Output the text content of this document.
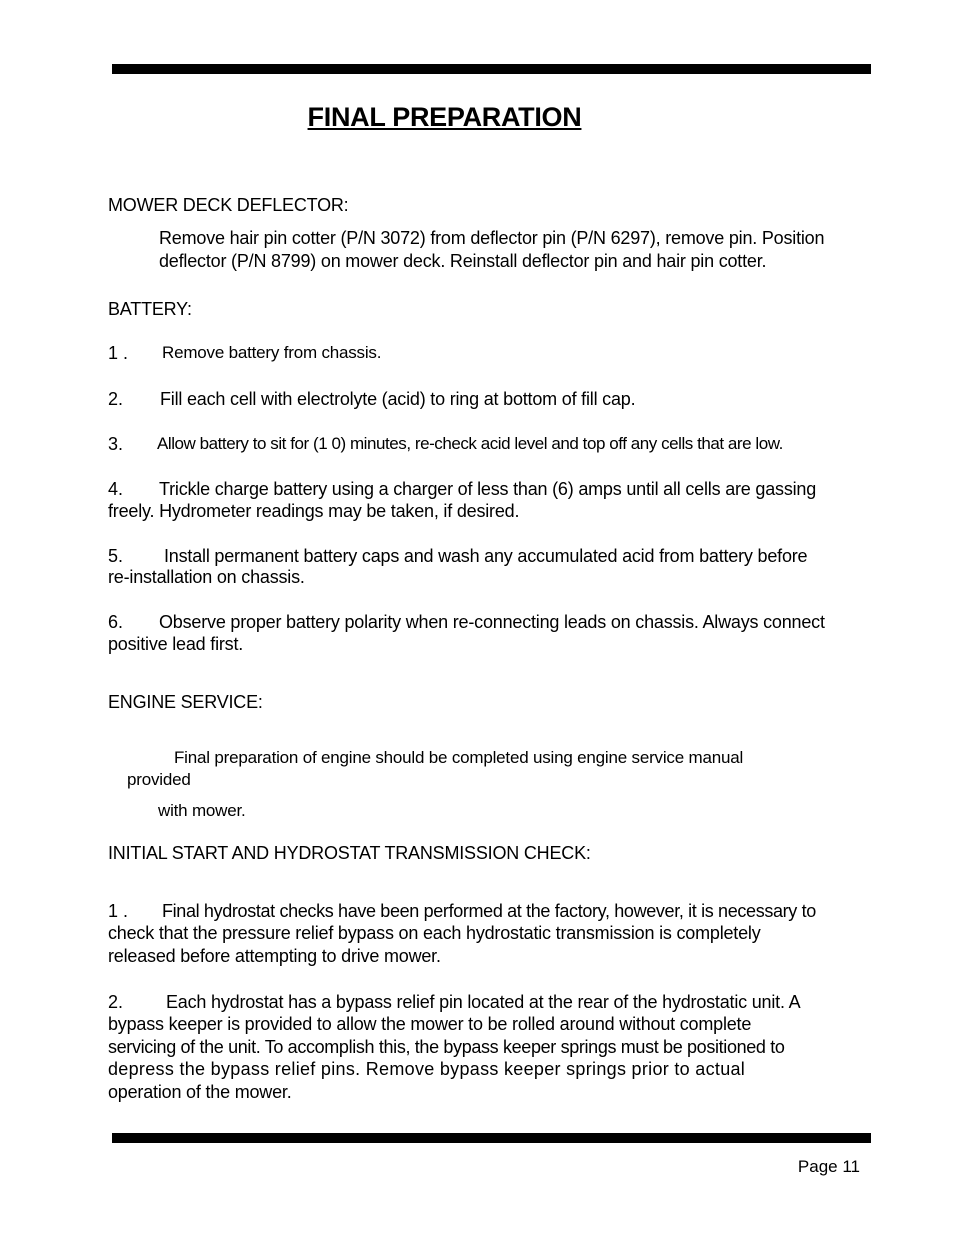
FINAL PREPARATION
MOWER DECK DEFLECTOR:
Remove hair pin cotter (P/N 3072) from deflector pin (P/N 6297), remove pin. Position
deflector (P/N 8799) on mower deck. Reinstall deflector pin and hair pin cotter.
BATTERY:
1 . Remove battery from chassis.
2. Fill each cell with electrolyte (acid) to ring at bottom of fill cap.
3. Allow battery to sit for (1 0) minutes, re-check acid level and top off any cells that are low.
4. Trickle charge battery using a charger of less than (6) amps until all cells are gassing
freely. Hydrometer readings may be taken, if desired.
5. Install permanent battery caps and wash any accumulated acid from battery before
re-installation on chassis.
6. Observe proper battery polarity when re-connecting leads on chassis. Always connect
positive lead first.
ENGINE SERVICE:
Final preparation of engine should be completed using engine service manual
provided
with mower.
INITIAL START AND HYDROSTAT TRANSMISSION CHECK:
1 . Final hydrostat checks have been performed at the factory, however, it is necessary to
check that the pressure relief bypass on each hydrostatic transmission is completely
released before attempting to drive mower.
2. Each hydrostat has a bypass relief pin located at the rear of the hydrostatic unit. A
bypass keeper is provided to allow the mower to be rolled around without complete
servicing of the unit. To accomplish this, the bypass keeper springs must be positioned to
depress the bypass relief pins. Remove bypass keeper springs prior to actual
operation of the mower.
Page 11
